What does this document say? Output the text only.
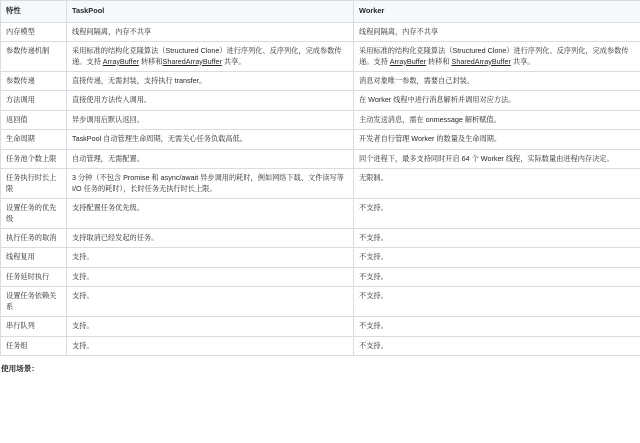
特性	TaskPool	Worker
内存模型	线程间隔离，内存不共享	线程间隔离，内存不共享
参数传递机制	采用标准的结构化克隆算法（Structured Clone）进行序列化、反序列化，完成参数传递。支持 ArrayBuffer 转移和SharedArrayBuffer 共享。	采用标准的结构化克隆算法（Structured Clone）进行序列化、反序列化，完成参数传递。支持 ArrayBuffer 转移和 SharedArrayBuffer 共享。
参数传递	直接传递，无需封装，支持执行 transfer。	消息对象唯一参数，需要自己封装。
方法调用	直接使用方法传入调用。	在 Worker 线程中进行消息解析并调用对应方法。
返回值	异步调用后默认返回。	主动发送消息，需在 onmessage 解析赋值。
生命周期	TaskPool 自动管理生命周期，无需关心任务负载高低。	开发者自行管理 Worker 的数量及生命周期。
任务池个数上限	自动管理，无需配置。	同个进程下，最多支持同时开启 64 个 Worker 线程，实际数量由进程内存决定。
任务执行时长上限	3 分钟（不包含 Promise 和 async/await 异步调用的耗时，例如网络下载、文件读写等 I/O 任务的耗时），长时任务无执行时长上限。	无限制。
设置任务的优先级	支持配置任务优先级。	不支持。
执行任务的取消	支持取消已经发起的任务。	不支持。
线程复用	支持。	不支持。
任务延时执行	支持。	不支持。
设置任务依赖关系	支持。	不支持。
串行队列	支持。	不支持。
任务组	支持。	不支持。

使用场景：
